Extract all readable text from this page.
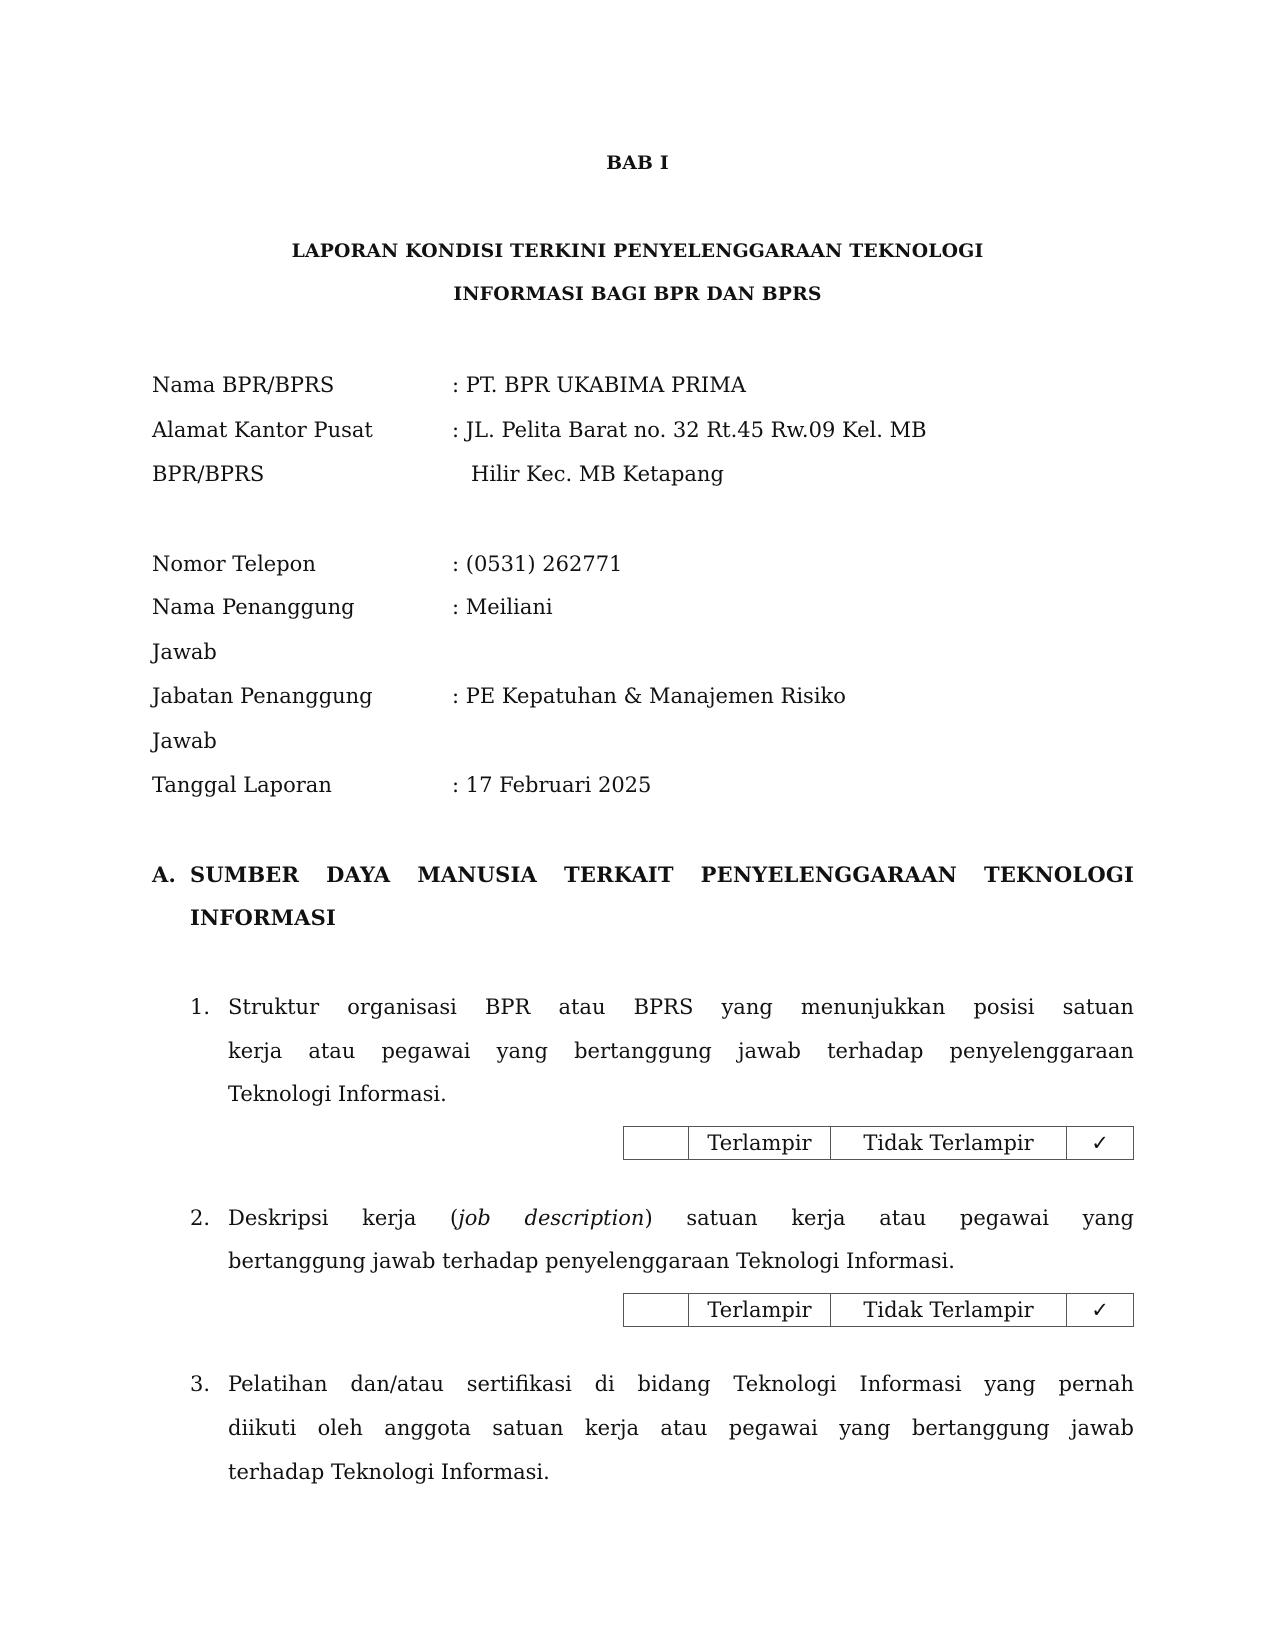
BAB I
LAPORAN KONDISI TERKINI PENYELENGGARAAN TEKNOLOGI
INFORMASI BAGI BPR DAN BPRS
Nama BPR/BPRS	: PT. BPR UKABIMA PRIMA
Alamat Kantor Pusat	: JL. Pelita Barat no. 32 Rt.45 Rw.09 Kel. MB
BPR/BPRS	Hilir Kec. MB Ketapang
Nomor Telepon	: (0531) 262771
Nama Penanggung	: Meiliani
Jawab
Jabatan Penanggung	: PE Kepatuhan & Manajemen Risiko
Jawab
Tanggal Laporan	: 17 Februari 2025
A. SUMBER DAYA MANUSIA TERKAIT PENYELENGGARAAN TEKNOLOGI
INFORMASI
1. Struktur organisasi BPR atau BPRS yang menunjukkan posisi satuan
kerja atau pegawai yang bertanggung jawab terhadap penyelenggaraan
Teknologi Informasi.
Terlampir	Tidak Terlampir	✓
2. Deskripsi kerja (job description) satuan kerja atau pegawai yang
bertanggung jawab terhadap penyelenggaraan Teknologi Informasi.
Terlampir	Tidak Terlampir	✓
3. Pelatihan dan/atau sertifikasi di bidang Teknologi Informasi yang pernah
diikuti oleh anggota satuan kerja atau pegawai yang bertanggung jawab
terhadap Teknologi Informasi.
